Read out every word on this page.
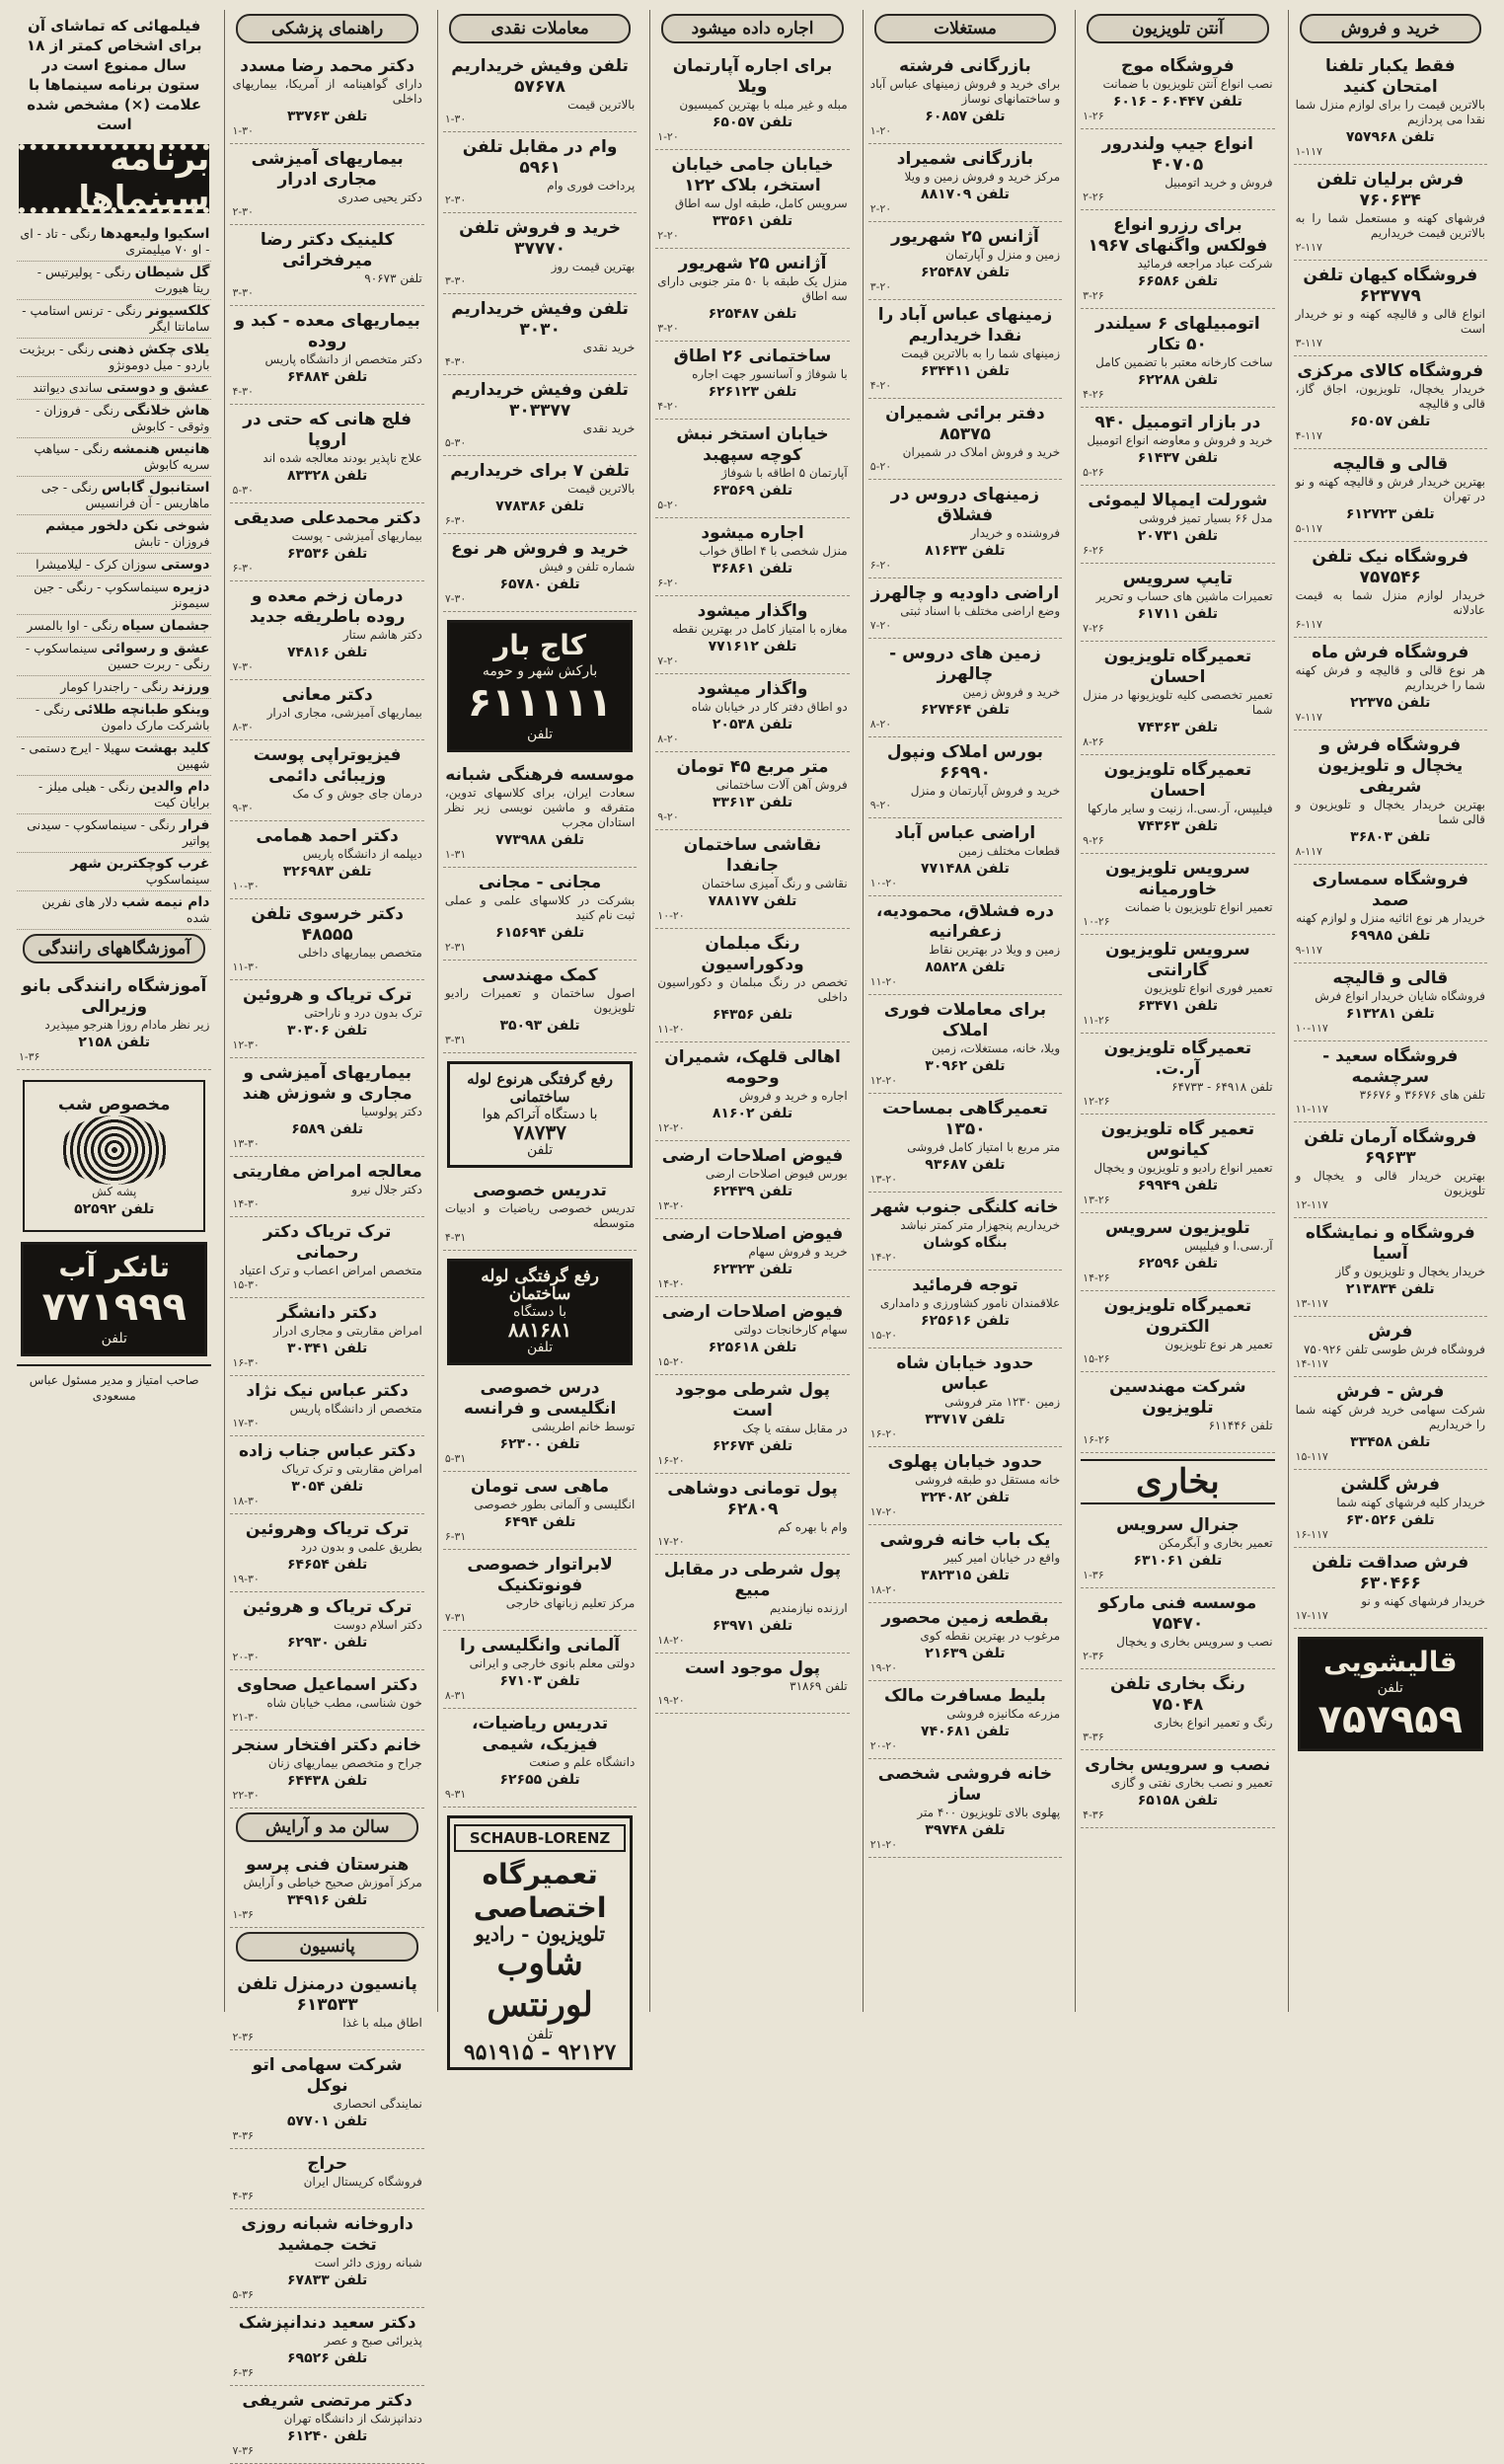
خرید و فروش
فقط یکبار تلفنا امتحان کنید
بالاترین قیمت را برای لوازم منزل شما نقدا می پردازیم
تلفن ۷۵۷۹۶۸
۱-۱۱۷
فرش برلیان تلفن ۷۶۰۶۳۴
فرشهای کهنه و مستعمل شما را به بالاترین قیمت خریداریم
۲-۱۱۷
فروشگاه کیهان تلفن ۶۲۳۷۷۹
انواع قالی و قالیچه کهنه و نو خریدار است
۳-۱۱۷
فروشگاه کالای مرکزی
خریدار یخچال، تلویزیون، اجاق گاز، قالی و قالیچه
تلفن ۶۵۰۵۷
۴-۱۱۷
قالی و قالیچه
بهترین خریدار فرش و قالیچه کهنه و نو در تهران
تلفن ۶۱۲۷۲۳
۵-۱۱۷
فروشگاه نیک تلفن ۷۵۷۵۴۶
خریدار لوازم منزل شما به قیمت عادلانه
۶-۱۱۷
فروشگاه فرش ماه
هر نوع قالی و قالیچه و فرش کهنه شما را خریداریم
تلفن ۲۲۳۷۵
۷-۱۱۷
فروشگاه فرش و یخچال و تلویزیون شریفی
بهترین خریدار یخچال و تلویزیون و قالی شما
تلفن ۳۶۸۰۳
۸-۱۱۷
فروشگاه سمساری صمد
خریدار هر نوع اثاثیه منزل و لوازم کهنه
تلفن ۶۹۹۸۵
۹-۱۱۷
قالی و قالیچه
فروشگاه شایان خریدار انواع فرش
تلفن ۶۱۳۲۸۱
۱۰-۱۱۷
فروشگاه سعید - سرچشمه
تلفن های ۳۶۶۷۶ و ۳۶۶۷۶
۱۱-۱۱۷
فروشگاه آرمان تلفن ۶۹۶۳۳
بهترین خریدار قالی و یخچال و تلویزیون
۱۲-۱۱۷
فروشگاه و نمایشگاه آسیا
خریدار یخچال و تلویزیون و گاز
تلفن ۲۱۳۸۳۴
۱۳-۱۱۷
فرش
فروشگاه فرش طوسی تلفن ۷۵۰۹۲۶
۱۴-۱۱۷
فرش - فرش
شرکت سهامی خرید فرش کهنه شما را خریداریم
تلفن ۳۳۴۵۸
۱۵-۱۱۷
فرش گلشن
خریدار کلیه فرشهای کهنه شما
تلفن ۶۳۰۵۲۶
۱۶-۱۱۷
فرش صداقت تلفن ۶۳۰۴۶۶
خریدار فرشهای کهنه و نو
۱۷-۱۱۷
قالیشویی
تلفن
۷۵۷۹۵۹
آنتن تلویزیون
فروشگاه موج
نصب انواع آنتن تلویزیون با ضمانت
تلفن ۶۰۴۴۷ - ۶۰۱۶
۱-۲۶
انواع جیپ ولندرور ۴۰۷۰۵
فروش و خرید اتومبیل
۲-۲۶
برای رزرو انواع فولکس واگنهای ۱۹۶۷
شرکت عباد مراجعه فرمائید
تلفن ۶۶۵۸۶
۳-۲۶
اتومبیلهای ۶ سیلندر ۵۰ تکار
ساخت کارخانه معتبر با تضمین کامل
تلفن ۶۲۲۸۸
۴-۲۶
در بازار اتومبیل ۹۴۰
خرید و فروش و معاوضه انواع اتومبیل
تلفن ۶۱۴۳۷
۵-۲۶
شورلت ایمپالا لیموئی
مدل ۶۶ بسیار تمیز فروشی
تلفن ۲۰۷۳۱
۶-۲۶
تایپ سرویس
تعمیرات ماشین های حساب و تحریر
تلفن ۶۱۷۱۱
۷-۲۶
تعمیرگاه تلویزیون احسان
تعمیر تخصصی کلیه تلویزیونها در منزل شما
تلفن ۷۴۳۶۳
۸-۲۶
تعمیرگاه تلویزیون احسان
فیلیپس، آر.سی.ا، زنیت و سایر مارکها
تلفن ۷۴۳۶۳
۹-۲۶
سرویس تلویزیون خاورمیانه
تعمیر انواع تلویزیون با ضمانت
۱۰-۲۶
سرویس تلویزیون گارانتی
تعمیر فوری انواع تلویزیون
تلفن ۶۳۴۷۱
۱۱-۲۶
تعمیرگاه تلویزیون آر.ت.
تلفن ۶۴۹۱۸ - ۶۴۷۳۳
۱۲-۲۶
تعمیر گاه تلویزیون کیانوس
تعمیر انواع رادیو و تلویزیون و یخچال
تلفن ۶۹۹۴۹
۱۳-۲۶
تلویزیون سرویس
آر.سی.ا و فیلیپس
تلفن ۶۲۵۹۶
۱۴-۲۶
تعمیرگاه تلویزیون الکترون
تعمیر هر نوع تلویزیون
۱۵-۲۶
شرکت مهندسین تلویزیون
تلفن ۶۱۱۴۴۶
۱۶-۲۶
بخاری
جنرال سرویس
تعمیر بخاری و آبگرمکن
تلفن ۶۳۱۰۶۱
۱-۳۶
موسسه فنی مارکو ۷۵۴۷۰
نصب و سرویس بخاری و یخچال
۲-۳۶
رنگ بخاری تلفن ۷۵۰۴۸
رنگ و تعمیر انواع بخاری
۳-۳۶
نصب و سرویس بخاری
تعمیر و نصب بخاری نفتی و گازی
تلفن ۶۵۱۵۸
۴-۳۶
مستغلات
بازرگانی فرشته
برای خرید و فروش زمینهای عباس آباد و ساختمانهای نوساز
تلفن ۶۰۸۵۷
۱-۲۰
بازرگانی شمیراد
مرکز خرید و فروش زمین و ویلا
تلفن ۸۸۱۷۰۹
۲-۲۰
آژانس ۲۵ شهریور
زمین و منزل و آپارتمان
تلفن ۶۲۵۴۸۷
۳-۲۰
زمینهای عباس آباد را نقدا خریداریم
زمینهای شما را به بالاترین قیمت
تلفن ۶۳۴۴۱۱
۴-۲۰
دفتر برائی شمیران ۸۵۳۷۵
خرید و فروش املاک در شمیران
۵-۲۰
زمینهای دروس در فشلاق
فروشنده و خریدار
تلفن ۸۱۶۳۳
۶-۲۰
اراضی داودیه و چالهرز
وضع اراضی مختلف با اسناد ثبتی
۷-۲۰
زمین های دروس - چالهرز
خرید و فروش زمین
تلفن ۶۲۷۴۶۴
۸-۲۰
بورس املاک ونپول ۶۶۹۹۰
خرید و فروش آپارتمان و منزل
۹-۲۰
اراضی عباس آباد
قطعات مختلف زمین
تلفن ۷۷۱۴۸۸
۱۰-۲۰
دره فشلاق، محمودیه، زعفرانیه
زمین و ویلا در بهترین نقاط
تلفن ۸۵۸۲۸
۱۱-۲۰
برای معاملات فوری املاک
ویلا، خانه، مستغلات، زمین
تلفن ۳۰۹۶۲
۱۲-۲۰
تعمیرگاهی بمساحت ۱۳۵۰
متر مربع با امتیاز کامل فروشی
تلفن ۹۳۶۸۷
۱۳-۲۰
خانه کلنگی جنوب شهر
خریداریم پنجهزار متر کمتر نباشد
بنگاه کوشان
۱۴-۲۰
توجه فرمائید
علاقمندان نامور کشاورزی و دامداری
تلفن ۶۲۵۶۱۶
۱۵-۲۰
حدود خیابان شاه عباس
زمین ۱۲۳۰ متر فروشی
تلفن ۳۳۷۱۷
۱۶-۲۰
حدود خیابان پهلوی
خانه مستقل دو طبقه فروشی
تلفن ۳۲۴۰۸۲
۱۷-۲۰
یک باب خانه فروشی
واقع در خیابان امیر کبیر
تلفن ۳۸۲۳۱۵
۱۸-۲۰
بقطعه زمین محصور
مرغوب در بهترین نقطه کوی
تلفن ۲۱۶۳۹
۱۹-۲۰
بلیط مسافرت مالک
مزرعه مکانیزه فروشی
تلفن ۷۴۰۶۸۱
۲۰-۲۰
خانه فروشی شخصی ساز
پهلوی بالای تلویزیون ۴۰۰ متر
تلفن ۳۹۷۴۸
۲۱-۲۰
اجاره داده میشود
برای اجاره آپارتمان ویلا
مبله و غیر مبله با بهترین کمیسیون
تلفن ۶۵۰۵۷
۱-۲۰
خیابان جامی خیابان استخر، بلاک ۱۲۲
سرویس کامل، طبقه اول سه اطاق
تلفن ۳۳۵۶۱
۲-۲۰
آژانس ۲۵ شهریور
منزل یک طبقه با ۵۰ متر جنوبی دارای سه اطاق
تلفن ۶۲۵۴۸۷
۳-۲۰
ساختمانی ۲۶ اطاق
با شوفاژ و آسانسور جهت اجاره
تلفن ۶۲۶۱۲۳
۴-۲۰
خیابان استخر نبش کوچه سپهبد
آپارتمان ۵ اطاقه با شوفاژ
تلفن ۶۳۵۶۹
۵-۲۰
اجاره میشود
منزل شخصی با ۴ اطاق خواب
تلفن ۳۶۸۶۱
۶-۲۰
واگذار میشود
مغازه با امتیاز کامل در بهترین نقطه
تلفن ۷۷۱۶۱۲
۷-۲۰
واگذار میشود
دو اطاق دفتر کار در خیابان شاه
تلفن ۲۰۵۳۸
۸-۲۰
متر مربع ۴۵ تومان
فروش آهن آلات ساختمانی
تلفن ۳۳۶۱۳
۹-۲۰
نقاشی ساختمان جانفدا
نقاشی و رنگ آمیزی ساختمان
تلفن ۷۸۸۱۷۷
۱۰-۲۰
رنگ مبلمان ودکوراسیون
تخصص در رنگ مبلمان و دکوراسیون داخلی
تلفن ۶۴۳۵۶
۱۱-۲۰
اهالی قلهک، شمیران وحومه
اجاره و خرید و فروش
تلفن ۸۱۶۰۲
۱۲-۲۰
فیوض اصلاحات ارضی
بورس فیوض اصلاحات ارضی
تلفن ۶۲۴۳۹
۱۳-۲۰
فیوض اصلاحات ارضی
خرید و فروش سهام
تلفن ۶۲۳۲۳
۱۴-۲۰
فیوض اصلاحات ارضی
سهام کارخانجات دولتی
تلفن ۶۲۵۶۱۸
۱۵-۲۰
پول شرطی موجود است
در مقابل سفته یا چک
تلفن ۶۲۶۷۴
۱۶-۲۰
پول تومانی دوشاهی ۶۲۸۰۹
وام با بهره کم
۱۷-۲۰
پول شرطی در مقابل مبیع
ارزنده نیازمندیم
تلفن ۶۳۹۷۱
۱۸-۲۰
پول موجود است
تلفن ۳۱۸۶۹
۱۹-۲۰
معاملات نقدی
تلفن وفیش خریداریم ۵۷۶۷۸
بالاترین قیمت
۱-۳۰
وام در مقابل تلفن ۵۹۶۱
پرداخت فوری وام
۲-۳۰
خرید و فروش تلفن ۳۷۷۷۰
بهترین قیمت روز
۳-۳۰
تلفن وفیش خریداریم ۳۰۳۰
خرید نقدی
۴-۳۰
تلفن وفیش خریداریم ۳۰۳۳۷۷
خرید نقدی
۵-۳۰
تلفن ۷ برای خریداریم
بالاترین قیمت
تلفن ۷۷۸۳۸۶
۶-۳۰
خرید و فروش هر نوع
شماره تلفن و فیش
تلفن ۶۵۷۸۰
۷-۳۰
کاج بار
بارکش شهر و حومه
۶۱۱۱۱۱
تلفن
موسسه فرهنگی شبانه
سعادت ایران، برای کلاسهای تدوین، متفرقه و ماشین نویسی زیر نظر استادان مجرب
تلفن ۷۷۳۹۸۸
۱-۳۱
مجانی - مجانی
بشرکت در کلاسهای علمی و عملی ثبت نام کنید
تلفن ۶۱۵۶۹۴
۲-۳۱
کمک مهندسی
اصول ساختمان و تعمیرات رادیو تلویزیون
تلفن ۳۵۰۹۳
۳-۳۱
رفع گرفتگی هرنوع لوله ساختمانی
با دستگاه آتراکم هوا
۷۸۷۳۷
تلفن
تدریس خصوصی
تدریس خصوصی ریاضیات و ادبیات متوسطه
۴-۳۱
رفع گرفتگی لوله ساختمان
با دستگاه
۸۸۱۶۸۱
تلفن
درس خصوصی انگلیسی و فرانسه
توسط خانم اطریشی
تلفن ۶۲۳۰۰
۵-۳۱
ماهی سی تومان
انگلیسی و آلمانی بطور خصوصی
تلفن ۶۴۹۴
۶-۳۱
لابراتوار خصوصی فونوتکنیک
مرکز تعلیم زبانهای خارجی
۷-۳۱
آلمانی وانگلیسی را
دولتی معلم بانوی خارجی و ایرانی
تلفن ۶۷۱۰۳
۸-۳۱
تدریس ریاضیات، فیزیک، شیمی
دانشگاه علم و صنعت
تلفن ۶۲۶۵۵
۹-۳۱
SCHAUB-LORENZ
تعمیرگاه اختصاصی
تلویزیون - رادیو
شاوب لورنتس
تلفن
۹۲۱۲۷ - ۹۵۱۹۱۵
راهنمای پزشکی
دکتر محمد رضا مسدد
دارای گواهینامه از آمریکا، بیماریهای داخلی
تلفن ۳۳۷۶۳
۱-۳۰
بیماریهای آمیزشی مجاری ادرار
دکتر یحیی صدری
۲-۳۰
کلینیک دکتر رضا میرفخرائی
تلفن ۹۰۶۷۳
۳-۳۰
بیماریهای معده - کبد و روده
دکتر متخصص از دانشگاه پاریس
تلفن ۶۴۸۸۴
۴-۳۰
فلج هانی که حتی در اروپا
علاج ناپذیر بودند معالجه شده اند
تلفن ۸۳۳۲۸
۵-۳۰
دکتر محمدعلی صدیقی
بیماریهای آمیزشی - پوست
تلفن ۶۳۵۳۶
۶-۳۰
درمان زخم معده و روده باطریقه جدید
دکتر هاشم ستار
تلفن ۷۴۸۱۶
۷-۳۰
دکتر معانی
بیماریهای آمیزشی، مجاری ادرار
۸-۳۰
فیزیوتراپی پوست وزیبائی دائمی
درمان جای جوش و ک مک
۹-۳۰
دکتر احمد همامی
دیپلمه از دانشگاه پاریس
تلفن ۳۲۶۹۸۳
۱۰-۳۰
دکتر خرسوی تلفن ۴۸۵۵۵
متخصص بیماریهای داخلی
۱۱-۳۰
ترک تریاک و هروئین
ترک بدون درد و ناراحتی
تلفن ۳۰۳۰۶
۱۲-۳۰
بیماریهای آمیزشی و مجاری و شوزش هند
دکتر پولوسیا
تلفن ۶۵۸۹
۱۳-۳۰
معالجه امراض مفاریتی
دکتر جلال نیرو
۱۴-۳۰
ترک تریاک دکتر رحمانی
متخصص امراض اعصاب و ترک اعتیاد
۱۵-۳۰
دکتر دانشگر
امراض مقاربتی و مجاری ادرار
تلفن ۳۰۳۴۱
۱۶-۳۰
دکتر عباس نیک نژاد
متخصص از دانشگاه پاریس
۱۷-۳۰
دکتر عباس جناب زاده
امراض مقاربتی و ترک تریاک
تلفن ۳۰۵۴
۱۸-۳۰
ترک تریاک وهروئین
بطریق علمی و بدون درد
تلفن ۶۴۶۵۴
۱۹-۳۰
ترک تریاک و هروئین
دکتر اسلام دوست
تلفن ۶۲۹۳۰
۲۰-۳۰
دکتر اسماعیل صحاوی
خون شناسی، مطب خیابان شاه
۲۱-۳۰
خانم دکتر افتخار سنجر
جراح و متخصص بیماریهای زنان
تلفن ۶۴۴۳۸
۲۲-۳۰
سالن مد و آرایش
هنرستان فنی پرسو
مرکز آموزش صحیح خیاطی و آرایش
تلفن ۳۴۹۱۶
۱-۳۶
پانسیون
پانسیون درمنزل تلفن ۶۱۳۵۳۳
اطاق مبله با غذا
۲-۳۶
شرکت سهامی اتو نوکل
نمایندگی انحصاری
تلفن ۵۷۷۰۱
۳-۳۶
حراج
فروشگاه کریستال ایران
۴-۳۶
داروخانه شبانه روزی تخت جمشید
شبانه روزی دائر است
تلفن ۶۷۸۳۳
۵-۳۶
دکتر سعید دندانپزشک
پذیرائی صبح و عصر
تلفن ۶۹۵۲۶
۶-۳۶
دکتر مرتضی شریفی
دندانپزشک از دانشگاه تهران
تلفن ۶۱۲۴۰
۷-۳۶
فیلمهائی که تماشای آن برای اشخاص کمتر از ۱۸ سال ممنوع است در ستون برنامه سینماها با علامت (×) مشخص شده است
برنامه سینماها
اسکیوا ولیعهدها رنگی - تاد - ای - او ۷۰ میلیمتری
گل شیطان رنگی - پولیرتیس - ریتا هیورت
کلکسیونر رنگی - ترنس استامپ - سامانتا ایگر
یلای چکش ذهنی رنگی - بریژیت باردو - میل دومونژو
عشق و دوستی ساندی دیواتند
هاش خلانگی رنگی - فروزان - وثوقی - کابوش
هانیس هنمشه رنگی - سیاهپ سرپه کابوش
استانبول گاباس رنگی - جی ماهاریس - آن فرانسیس
شوخی نکن دلخور میشم فروزان - تابش
دوستی سوزان کرک - لیلامیشرا
دزیره سینماسکوپ - رنگی - جین سیمونز
جشمان سیاه رنگی - اوا بالمسر
عشق و رسوائی سینماسکوپ - رنگی - ربرت حسین
ورزند رنگی - راجندرا کومار
وینکو طبانچه طلائی رنگی - باشرکت مارک دامون
کلید بهشت سهیلا - ایرج دستمی - شهبین
دام والدین رنگی - هیلی میلز - برایان کیت
فرار رنگی - سینماسکوپ - سیدنی پواتیر
غرب کوچکترین شهر سینماسکوپ
دام نیمه شب دلار های نفرین شده
آموزشگاههای رانندگی
آموزشگاه رانندگی بانو وزیرالی
زیر نظر مادام روزا هنرجو میپذیرد
تلفن ۲۱۵۸
۱-۳۶
مخصوص شب
پشه کش
تلفن ۵۲۵۹۲
تانکر آب
۷۷۱۹۹۹
تلفن
صاحب امتیاز و مدیر مسئول عباس مسعودی
